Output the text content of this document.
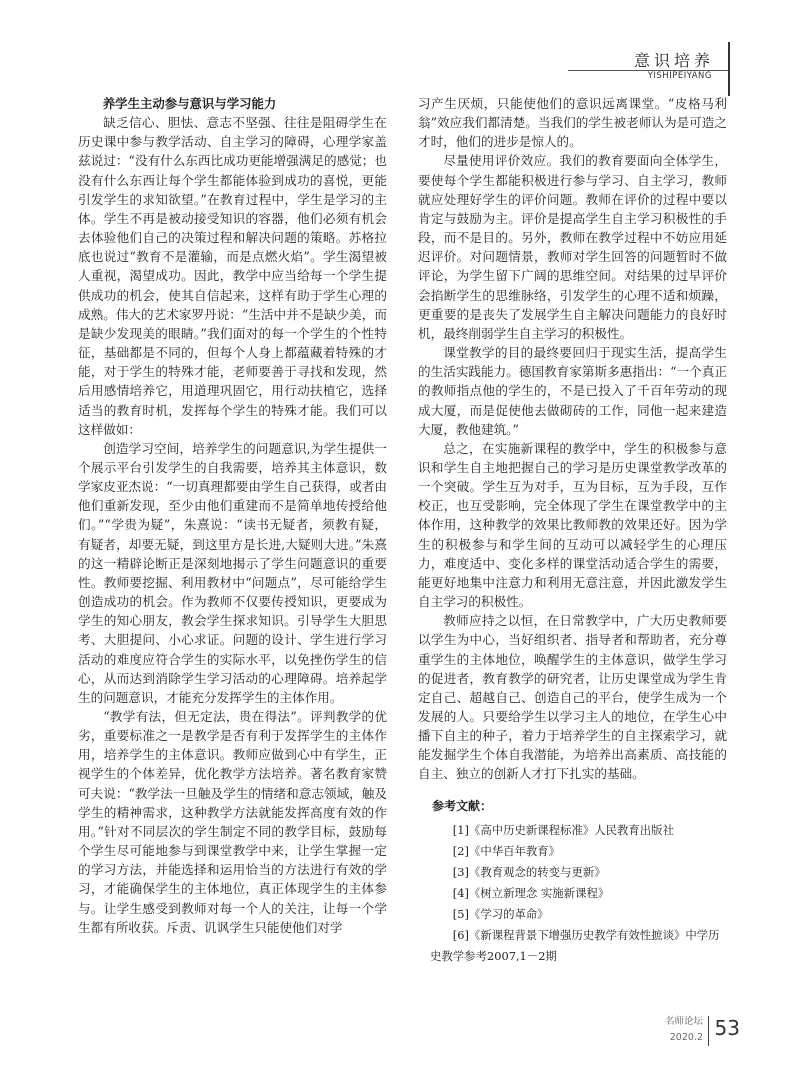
意识培养
YISHIPEIYANG

养学生主动参与意识与学习能力

缺乏信心、胆怯、意志不坚强、往往是阻碍学生在历史课中参与教学活动、自主学习的障碍，心理学家盖兹说过：“没有什么东西比成功更能增强满足的感觉；也没有什么东西让每个学生都能体验到成功的喜悦，更能引发学生的求知欲望。”在教育过程中，学生是学习的主体。学生不再是被动接受知识的容器，他们必须有机会去体验他们自己的决策过程和解决问题的策略。苏格拉底也说过“教育不是灌输，而是点燃火焰”。学生渴望被人重视，渴望成功。因此，教学中应当给每一个学生提供成功的机会，使其自信起来，这样有助于学生心理的成熟。伟大的艺术家罗丹说：“生活中并不是缺少美，而是缺少发现美的眼睛。”我们面对的每一个学生的个性特征，基础都是不同的，但每个人身上都蕴藏着特殊的才能，对于学生的特殊才能，老师要善于寻找和发现，然后用感情培养它，用道理巩固它，用行动扶植它，选择适当的教育时机，发挥每个学生的特殊才能。我们可以这样做如：

创造学习空间，培养学生的问题意识,为学生提供一个展示平台引发学生的自我需要，培养其主体意识，数学家皮亚杰说：“一切真理都要由学生自己获得，或者由他们重新发现，至少由他们重建而不是简单地传授给他们。”“学贵为疑”，朱熹说：“读书无疑者，须教有疑，有疑者，却要无疑，到这里方是长进,大疑则大进。”朱熹的这一精辟论断正是深刻地揭示了学生问题意识的重要性。教师要挖掘、利用教材中“问题点”，尽可能给学生创造成功的机会。作为教师不仅要传授知识，更要成为学生的知心朋友，教会学生探求知识。引导学生大胆思考、大胆提问、小心求证。问题的设计、学生进行学习活动的难度应符合学生的实际水平，以免挫伤学生的信心，从而达到消除学生学习活动的心理障碍。培养起学生的问题意识，才能充分发挥学生的主体作用。

“教学有法，但无定法，贵在得法”。评判教学的优劣，重要标准之一是教学是否有利于发挥学生的主体作用，培养学生的主体意识。教师应做到心中有学生，正视学生的个体差异，优化教学方法培养。著名教育家赞可夫说：“教学法一旦触及学生的情绪和意志领域，触及学生的精神需求，这种教学方法就能发挥高度有效的作用。”针对不同层次的学生制定不同的教学目标，鼓励每个学生尽可能地参与到课堂教学中来，让学生掌握一定的学习方法，并能选择和运用恰当的方法进行有效的学习，才能确保学生的主体地位，真正体现学生的主体参与。让学生感受到教师对每一个人的关注，让每一个学生都有所收获。斥责、讥讽学生只能使他们对学

习产生厌烦，只能使他们的意识远离课堂。“皮格马利翁”效应我们都清楚。当我们的学生被老师认为是可造之才时，他们的进步是惊人的。

尽量使用评价效应。我们的教育要面向全体学生，要使每个学生都能积极进行参与学习、自主学习，教师就应处理好学生的评价问题。教师在评价的过程中要以肯定与鼓励为主。评价是提高学生自主学习积极性的手段，而不是目的。另外，教师在教学过程中不妨应用延迟评价。对问题情景，教师对学生回答的问题暂时不做评论，为学生留下广阔的思维空间。对结果的过早评价会掐断学生的思维脉络，引发学生的心理不适和烦躁，更重要的是丧失了发展学生自主解决问题能力的良好时机，最终削弱学生自主学习的积极性。

课堂教学的目的最终要回归于现实生活，提高学生的生活实践能力。德国教育家第斯多惠指出：“一个真正的教师指点他的学生的，不是已投入了千百年劳动的现成大厦，而是促使他去做砌砖的工作，同他一起来建造大厦，教他建筑。”

总之，在实施新课程的教学中，学生的积极参与意识和学生自主地把握自己的学习是历史课堂教学改革的一个突破。学生互为对手，互为目标，互为手段，互作校正，也互受影响，完全体现了学生在课堂教学中的主体作用，这种教学的效果比教师教的效果还好。因为学生的积极参与和学生间的互动可以减轻学生的心理压力，难度适中、变化多样的课堂活动适合学生的需要，能更好地集中注意力和利用无意注意，并因此激发学生自主学习的积极性。

教师应持之以恒，在日常教学中，广大历史教师要以学生为中心，当好组织者、指导者和帮助者，充分尊重学生的主体地位，唤醒学生的主体意识，做学生学习的促进者，教育教学的研究者，让历史课堂成为学生肯定自己、超越自己、创造自己的平台，使学生成为一个发展的人。只要给学生以学习主人的地位，在学生心中播下自主的种子，着力于培养学生的自主探索学习，就能发掘学生个体自我潜能，为培养出高素质、高技能的自主、独立的创新人才打下扎实的基础。

参考文献：

[1]《高中历史新课程标准》人民教育出版社

[2]《中华百年教育》

[3]《教育观念的转变与更新》

[4]《树立新理念 实施新课程》

[5]《学习的革命》

[6]《新课程背景下增强历史教学有效性摭谈》中学历史教学参考2007,1－2期

名师论坛
2020.2 53
